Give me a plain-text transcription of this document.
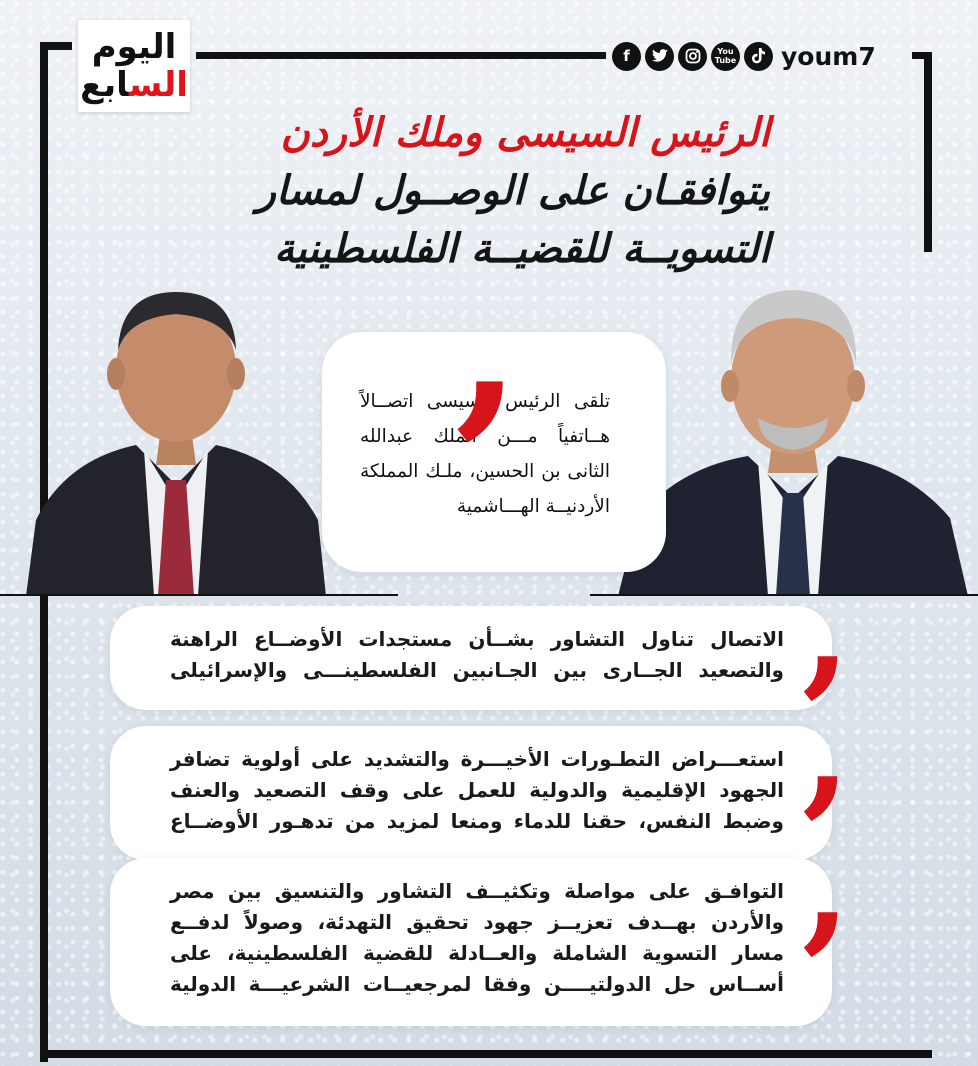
اليوم
السابع
f	You Tube youm7
الرئيس السيسى وملك الأردن
يتوافقـان على الوصــول لمسار
التسويــة للقضيــة الفلسطينية
تلقى الرئيس السيسى اتصــالاً هــاتفياً مـــن الملك عبدالله الثانى بن الحسين، ملـك المملكة الأردنيــة الهـــاشمية
,
الاتصال تناول التشاور بشــأن مستجدات الأوضــاع الراهنة والتصعيد الجــارى بين الجـانبين الفلسطينـــى والإسرائيلى ,
استعـــراض التطـورات الأخيـــرة والتشديد على أولوية تضافر الجهود الإقليمية والدولية للعمل على وقف التصعيد والعنف وضبط النفس، حقنا للدماء ومنعا لمزيد من تدهـور الأوضــاع ,
التوافـق على مواصلة وتكثيــف التشاور والتنسيق بين مصر والأردن بهــدف تعزيــز جهود تحقيق التهدئة، وصولاً لدفــع مسار التسوية الشاملة والعــادلة للقضية الفلسطينية، على أســاس حل الدولتيــــن وفقا لمرجعيــات الشرعيـــة الدولية
,
